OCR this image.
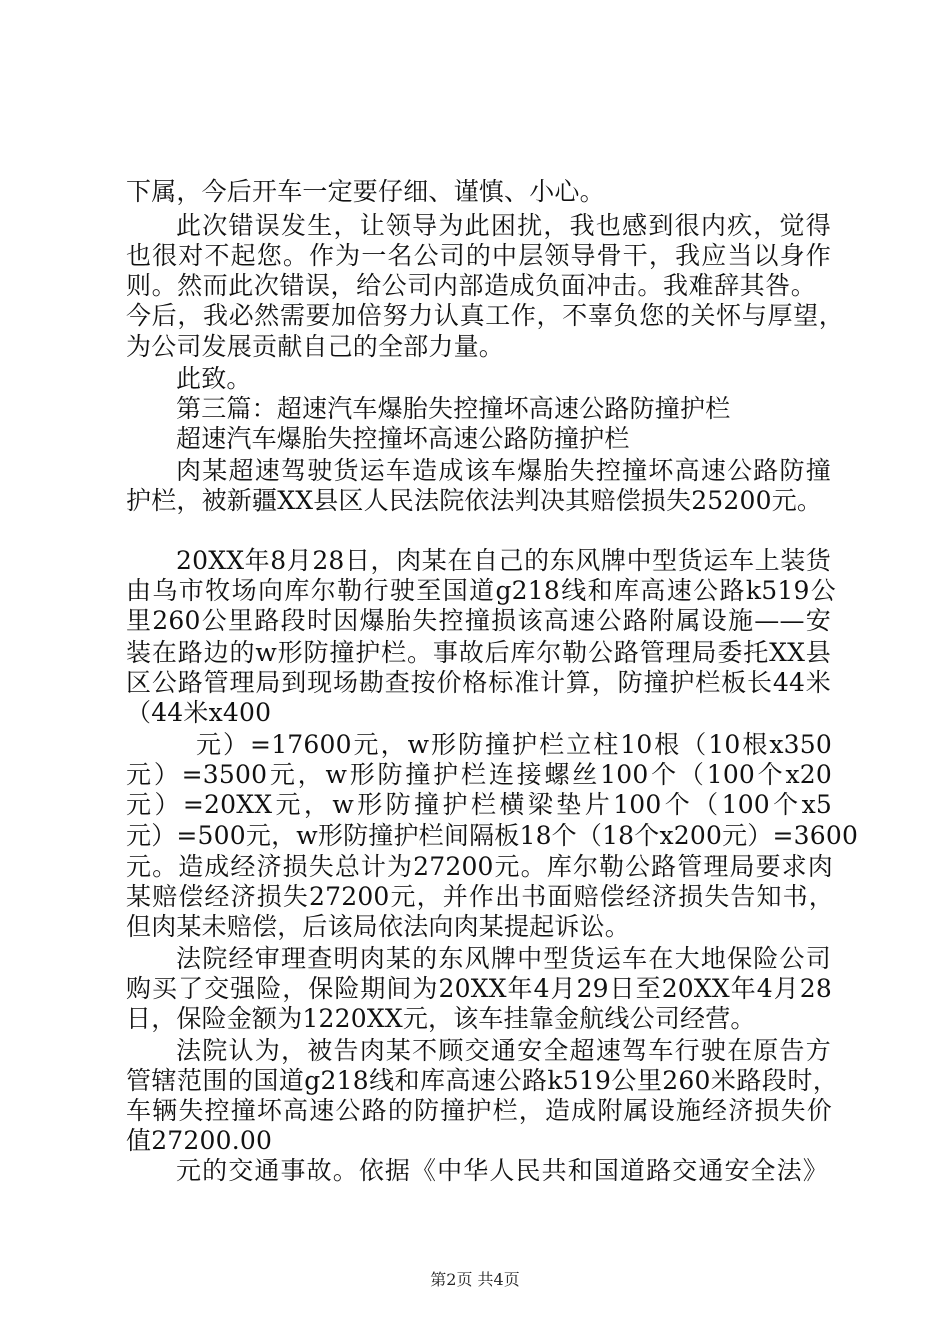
下属，今后开车一定要仔细、谨慎、小心。
此次错误发生，让领导为此困扰，我也感到很内疚，觉得
也很对不起您。作为一名公司的中层领导骨干，我应当以身作
则。然而此次错误，给公司内部造成负面冲击。我难辞其咎。
今后，我必然需要加倍努力认真工作，不辜负您的关怀与厚望，
为公司发展贡献自己的全部力量。
此致。
第三篇：超速汽车爆胎失控撞坏高速公路防撞护栏
超速汽车爆胎失控撞坏高速公路防撞护栏
肉某超速驾驶货运车造成该车爆胎失控撞坏高速公路防撞
护栏，被新疆XX县区人民法院依法判决其赔偿损失25200元。
20XX年8月28日，肉某在自己的东风牌中型货运车上装货
由乌市牧场向库尔勒行驶至国道g218线和库高速公路k519公
里260公里路段时因爆胎失控撞损该高速公路附属设施——安
装在路边的w形防撞护栏。事故后库尔勒公路管理局委托XX县
区公路管理局到现场勘查按价格标准计算，防撞护栏板长44米
（44米x400
元）=17600元，w形防撞护栏立柱10根（10根x350
元）=3500元，w形防撞护栏连接螺丝100个（100个x20
元）=20XX元，w形防撞护栏横梁垫片100个（100个x5
元）=500元，w形防撞护栏间隔板18个（18个x200元）=3600
元。造成经济损失总计为27200元。库尔勒公路管理局要求肉
某赔偿经济损失27200元，并作出书面赔偿经济损失告知书，
但肉某未赔偿，后该局依法向肉某提起诉讼。
法院经审理查明肉某的东风牌中型货运车在大地保险公司
购买了交强险，保险期间为20XX年4月29日至20XX年4月28
日，保险金额为1220XX元，该车挂靠金航线公司经营。
法院认为，被告肉某不顾交通安全超速驾车行驶在原告方
管辖范围的国道g218线和库高速公路k519公里260米路段时，
车辆失控撞坏高速公路的防撞护栏，造成附属设施经济损失价
值27200.00
元的交通事故。依据《中华人民共和国道路交通安全法》
第2页 共4页
